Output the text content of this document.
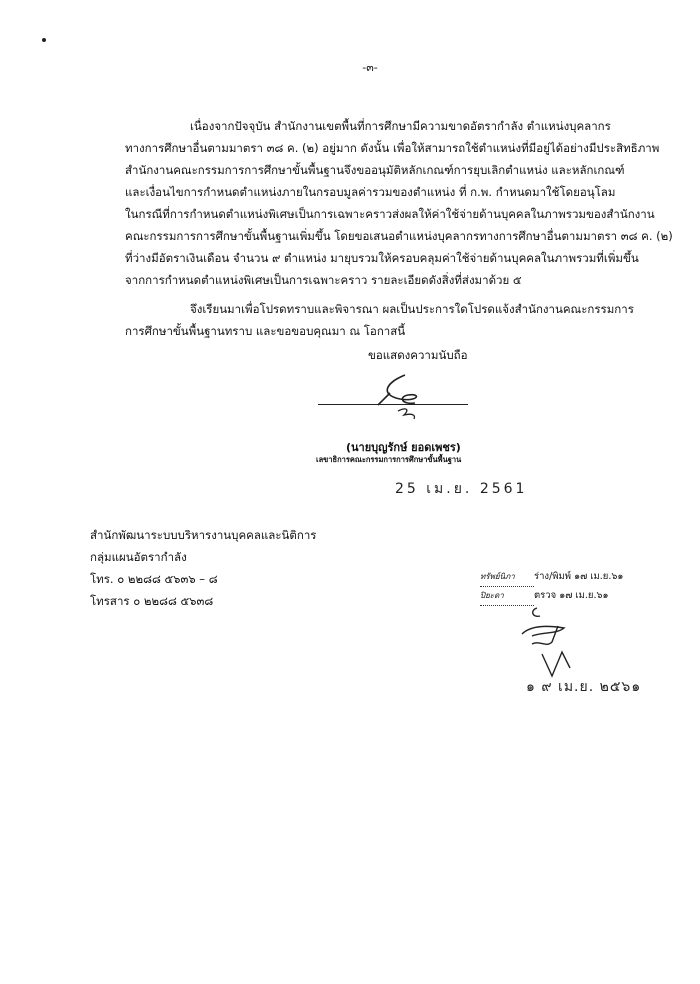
-๓-
เนื่องจากปัจจุบัน สำนักงานเขตพื้นที่การศึกษามีความขาดอัตรากำลัง ตำแหน่งบุคลากร
ทางการศึกษาอื่นตามมาตรา ๓๘ ค. (๒) อยู่มาก ดังนั้น เพื่อให้สามารถใช้ตำแหน่งที่มีอยู่ได้อย่างมีประสิทธิภาพ
สำนักงานคณะกรรมการการศึกษาขั้นพื้นฐานจึงขออนุมัติหลักเกณฑ์การยุบเลิกตำแหน่ง และหลักเกณฑ์
และเงื่อนไขการกำหนดตำแหน่งภายในกรอบมูลค่ารวมของตำแหน่ง ที่ ก.พ. กำหนดมาใช้โดยอนุโลม
ในกรณีที่การกำหนดตำแหน่งพิเศษเป็นการเฉพาะคราวส่งผลให้ค่าใช้จ่ายด้านบุคคลในภาพรวมของสำนักงาน
คณะกรรมการการศึกษาขั้นพื้นฐานเพิ่มขึ้น โดยขอเสนอตำแหน่งบุคลากรทางการศึกษาอื่นตามมาตรา ๓๘ ค. (๒)
ที่ว่างมีอัตราเงินเดือน จำนวน ๙ ตำแหน่ง มายุบรวมให้ครอบคลุมค่าใช้จ่ายด้านบุคคลในภาพรวมที่เพิ่มขึ้น
จากการกำหนดตำแหน่งพิเศษเป็นการเฉพาะคราว รายละเอียดดังสิ่งที่ส่งมาด้วย ๕
จึงเรียนมาเพื่อโปรดทราบและพิจารณา ผลเป็นประการใดโปรดแจ้งสำนักงานคณะกรรมการ
การศึกษาขั้นพื้นฐานทราบ และขอขอบคุณมา ณ โอกาสนี้
ขอแสดงความนับถือ
(นายบุญรักษ์ ยอดเพชร)
เลขาธิการคณะกรรมการการศึกษาขั้นพื้นฐาน
25 เม.ย. 2561
สำนักพัฒนาระบบบริหารงานบุคคลและนิติการ
กลุ่มแผนอัตรากำลัง
โทร. ๐ ๒๒๘๘ ๕๖๓๖ – ๘
โทรสาร ๐ ๒๒๘๘ ๕๖๓๘
ทรัพย์นิภา ร่าง/พิมพ์ ๑๗ เม.ย.๖๑
ปิยะดา	ตรวจ ๑๗ เม.ย.๖๑
๑ ๙ เม.ย. ๒๕๖๑
